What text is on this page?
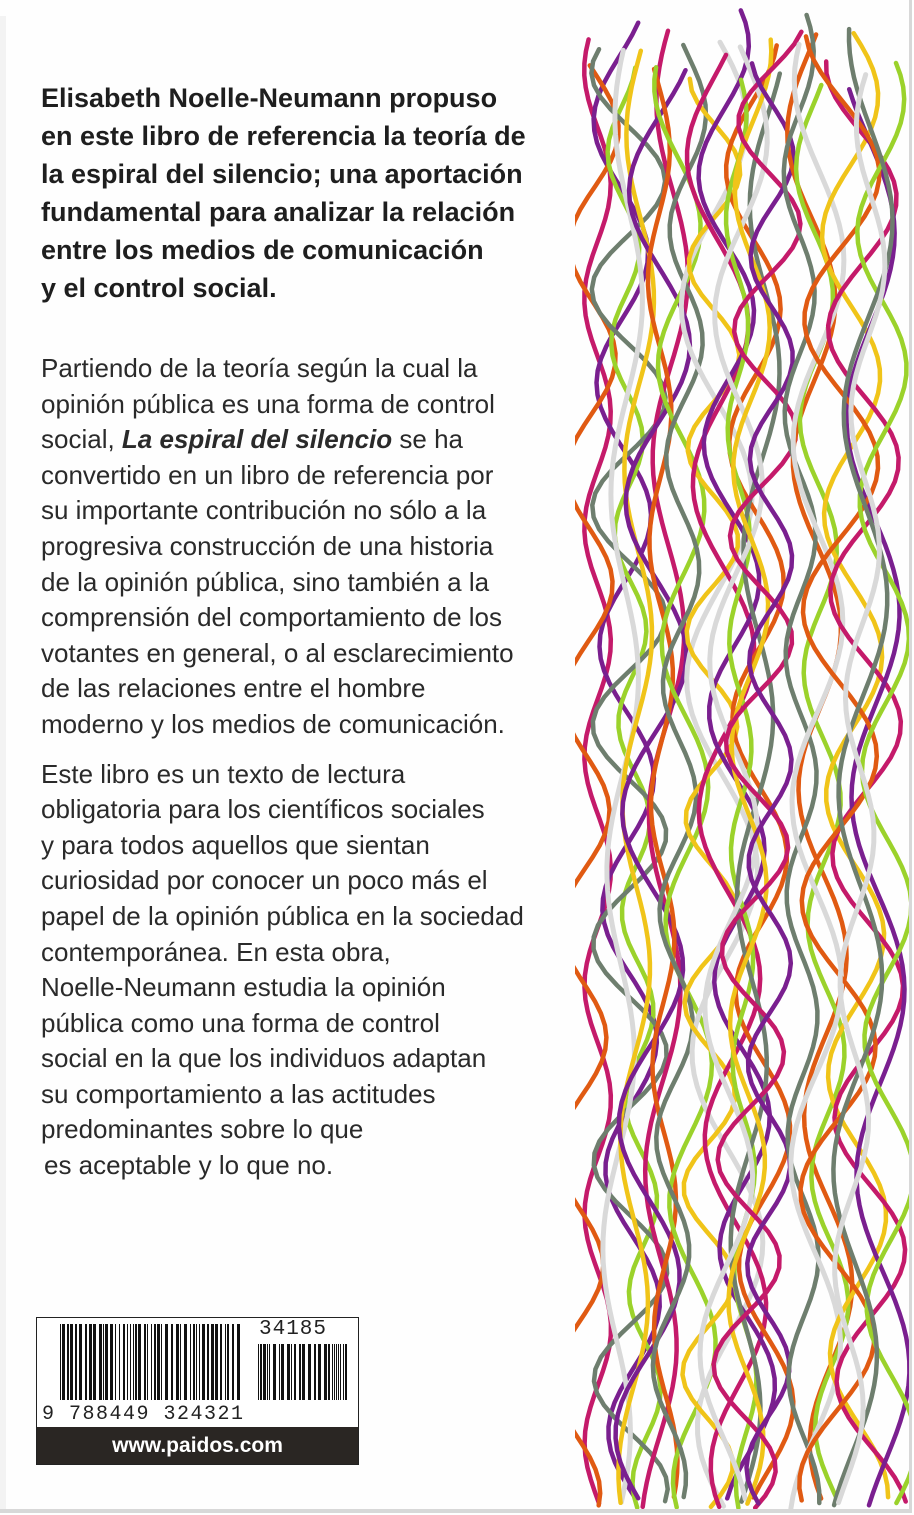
Elisabeth Noelle-Neumann propuso
en este libro de referencia la teoría de
la espiral del silencio; una aportación
fundamental para analizar la relación
entre los medios de comunicación
y el control social.
Partiendo de la teoría según la cual la
opinión pública es una forma de control
social, La espiral del silencio se ha
convertido en un libro de referencia por
su importante contribución no sólo a la
progresiva construcción de una historia
de la opinión pública, sino también a la
comprensión del comportamiento de los
votantes en general, o al esclarecimiento
de las relaciones entre el hombre
moderno y los medios de comunicación.
Este libro es un texto de lectura
obligatoria para los científicos sociales
y para todos aquellos que sientan
curiosidad por conocer un poco más el
papel de la opinión pública en la sociedad
contemporánea. En esta obra,
Noelle-Neumann estudia la opinión
pública como una forma de control
social en la que los individuos adaptan
su comportamiento a las actitudes
predominantes sobre lo que
es aceptable y lo que no.
34185
9 788449 324321
www.paidos.com
